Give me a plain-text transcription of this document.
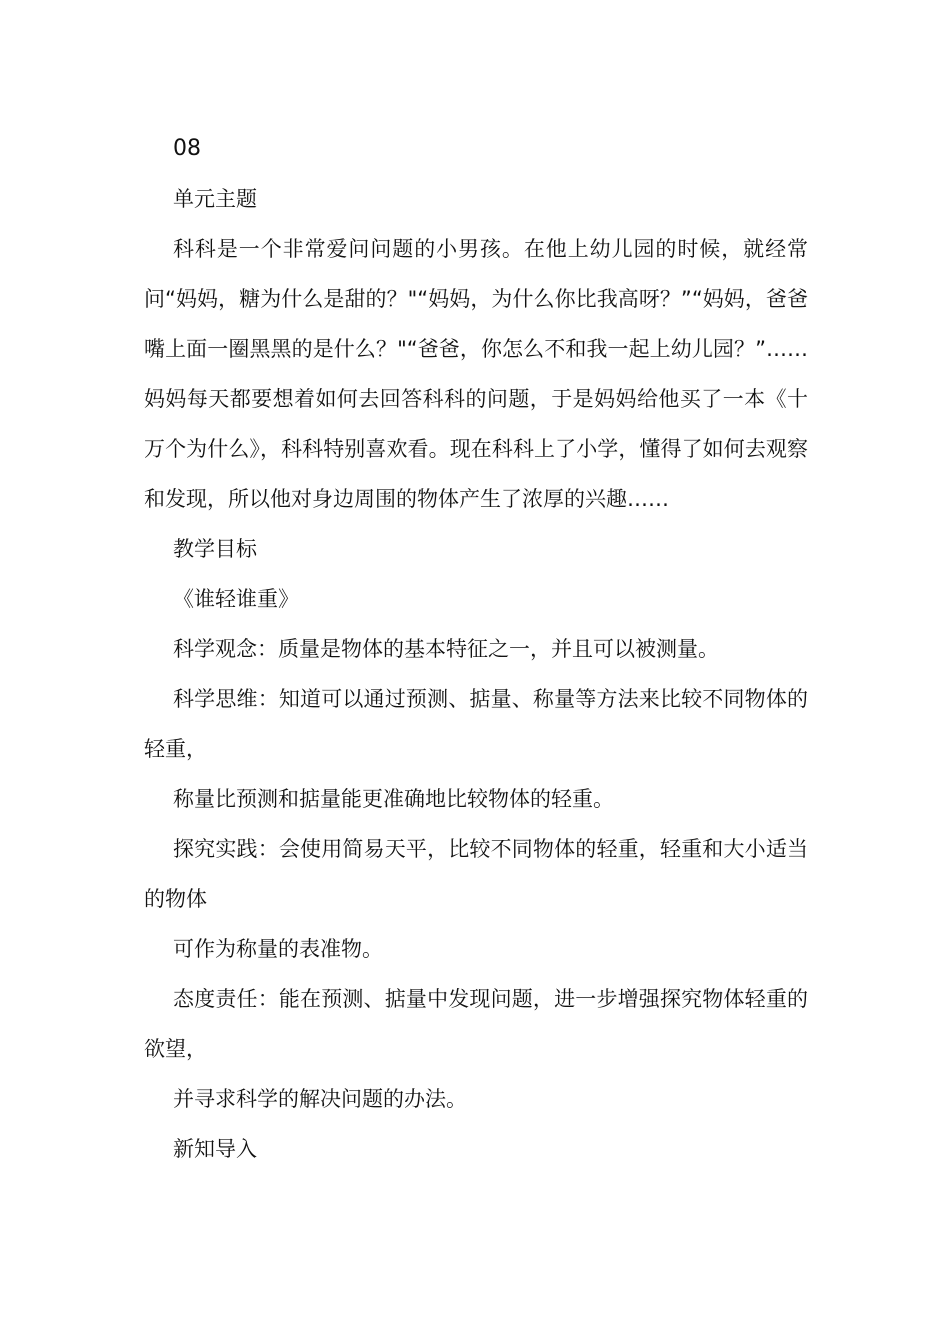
08

单元主题

科科是一个非常爱问问题的小男孩。在他上幼儿园的时候，就经常问“妈妈，糖为什么是甜的？"“妈妈，为什么你比我高呀？”“妈妈，爸爸嘴上面一圈黑黑的是什么？"“爸爸，你怎么不和我一起上幼儿园？”……妈妈每天都要想着如何去回答科科的问题，于是妈妈给他买了一本《十万个为什么》，科科特别喜欢看。现在科科上了小学，懂得了如何去观察和发现，所以他对身边周围的物体产生了浓厚的兴趣……

教学目标

《谁轻谁重》

科学观念：质量是物体的基本特征之一，并且可以被测量。

科学思维：知道可以通过预测、掂量、称量等方法来比较不同物体的轻重，

称量比预测和掂量能更准确地比较物体的轻重。

探究实践：会使用简易天平，比较不同物体的轻重，轻重和大小适当的物体

可作为称量的表准物。

态度责任：能在预测、掂量中发现问题，进一步增强探究物体轻重的欲望，

并寻求科学的解决问题的办法。

新知导入
